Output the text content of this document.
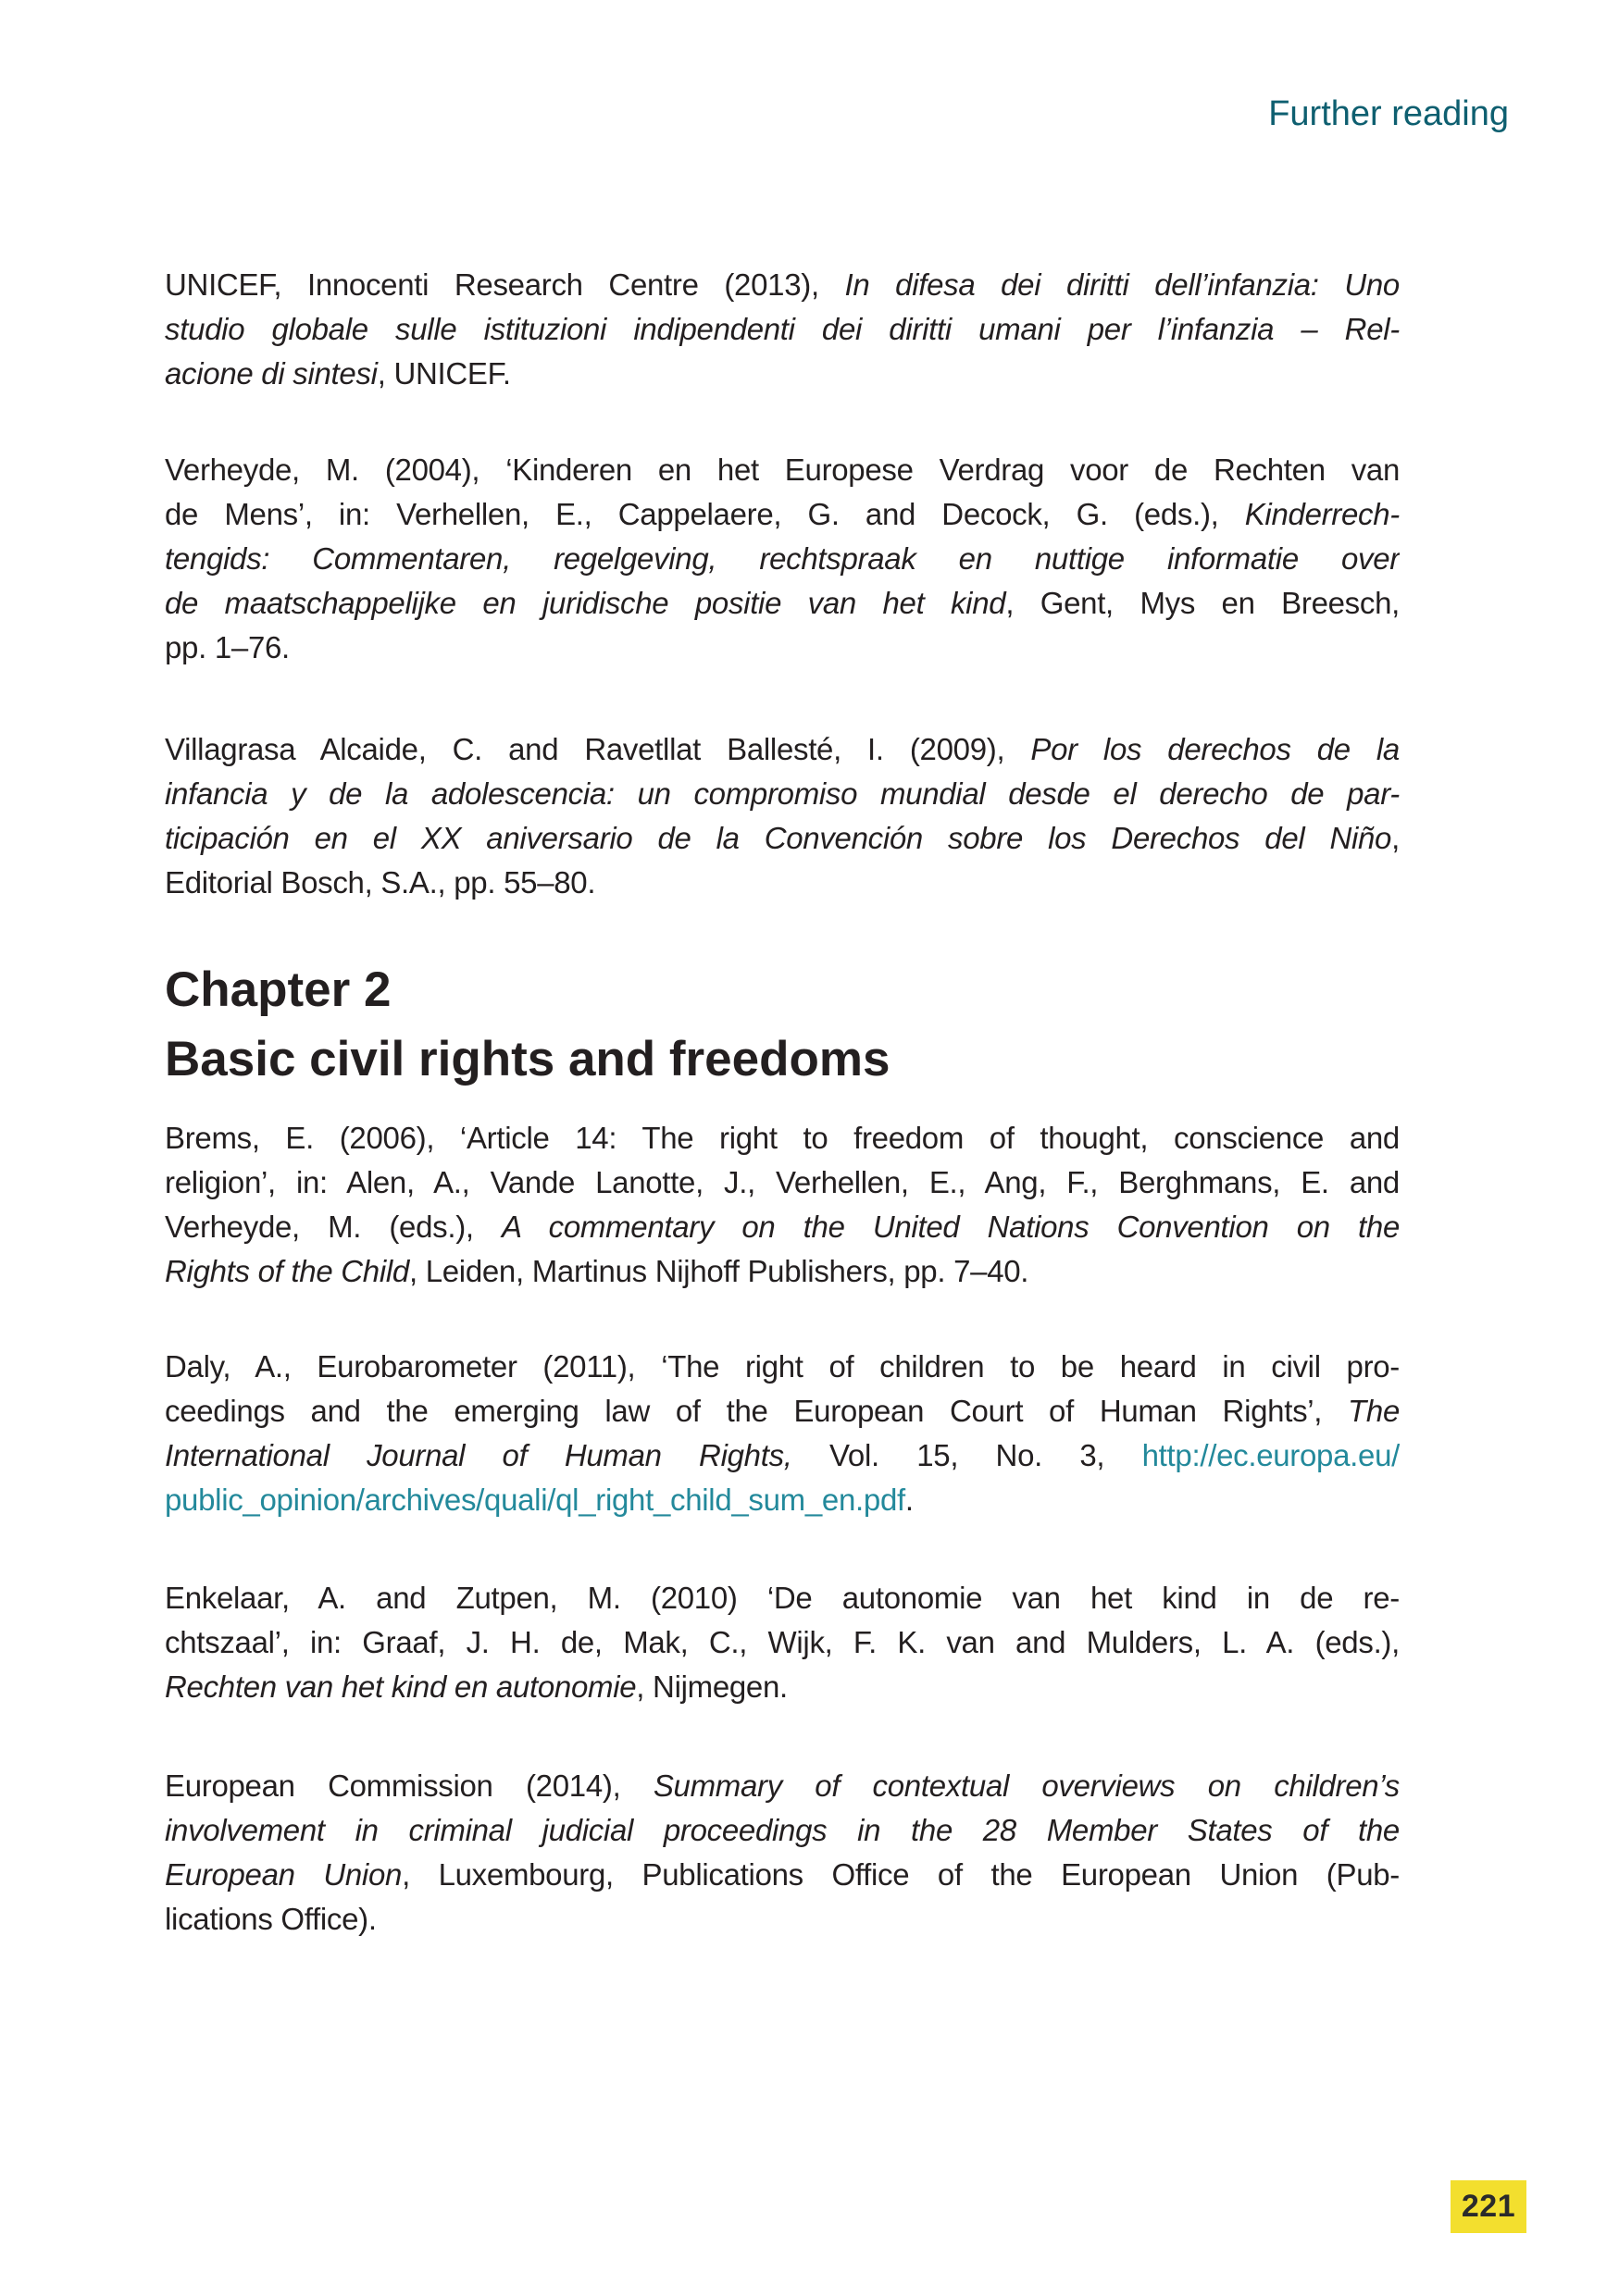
Further reading
UNICEF, Innocenti Research Centre (2013), In difesa dei diritti dell’infanzia: Uno
studio globale sulle istituzioni indipendenti dei diritti umani per l’infanzia – Rel-
acione di sintesi, UNICEF.
Verheyde, M. (2004), ‘Kinderen en het Europese Verdrag voor de Rechten van
de Mens’, in: Verhellen, E., Cappelaere, G. and Decock, G. (eds.), Kinderrech-
tengids: Commentaren, regelgeving, rechtspraak en nuttige informatie over
de maatschappelijke en juridische positie van het kind, Gent, Mys en Breesch,
pp. 1–76.
Villagrasa Alcaide, C. and Ravetllat Ballesté, I. (2009), Por los derechos de la
infancia y de la adolescencia: un compromiso mundial desde el derecho de par-
ticipación en el XX aniversario de la Convención sobre los Derechos del Niño,
Editorial Bosch, S.A., pp. 55–80.
Chapter 2
Basic civil rights and freedoms
Brems, E. (2006), ‘Article 14: The right to freedom of thought, conscience and
religion’, in: Alen, A., Vande Lanotte, J., Verhellen, E., Ang, F., Berghmans, E. and
Verheyde, M. (eds.), A commentary on the United Nations Convention on the
Rights of the Child, Leiden, Martinus Nijhoff Publishers, pp. 7–40.
Daly, A., Eurobarometer (2011), ‘The right of children to be heard in civil pro-
ceedings and the emerging law of the European Court of Human Rights’, The
International Journal of Human Rights, Vol. 15, No. 3, http://ec.europa.eu/
public_opinion/archives/quali/ql_right_child_sum_en.pdf.
Enkelaar, A. and Zutpen, M. (2010) ‘De autonomie van het kind in de re-
chtszaal’, in: Graaf, J. H. de, Mak, C., Wijk, F. K. van and Mulders, L. A. (eds.),
Rechten van het kind en autonomie, Nijmegen.
European Commission (2014), Summary of contextual overviews on children’s
involvement in criminal judicial proceedings in the 28 Member States of the
European Union, Luxembourg, Publications Office of the European Union (Pub-
lications Office).
221
